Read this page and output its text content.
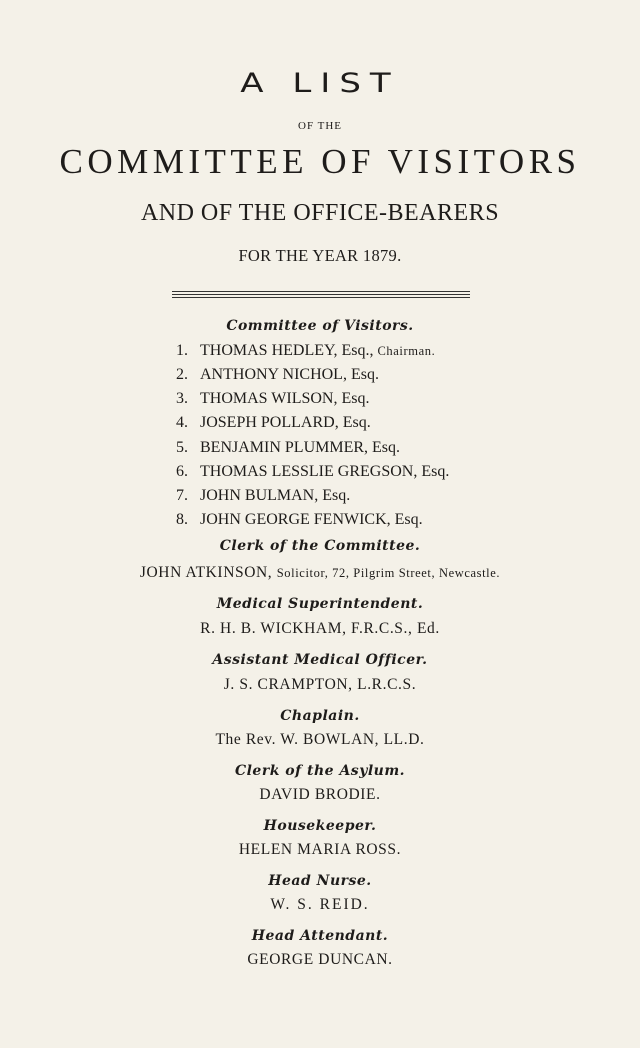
A LIST
OF THE
COMMITTEE OF VISITORS
AND OF THE OFFICE-BEARERS
FOR THE YEAR 1879.
Committee of Visitors.
1. THOMAS HEDLEY, Esq., Chairman.
2. ANTHONY NICHOL, Esq.
3. THOMAS WILSON, Esq.
4. JOSEPH POLLARD, Esq.
5. BENJAMIN PLUMMER, Esq.
6. THOMAS LESSLIE GREGSON, Esq.
7. JOHN BULMAN, Esq.
8. JOHN GEORGE FENWICK, Esq.
Clerk of the Committee.
JOHN ATKINSON, Solicitor, 72, Pilgrim Street, Newcastle.
Medical Superintendent.
R. H. B. WICKHAM, F.R.C.S., Ed.
Assistant Medical Officer.
J. S. CRAMPTON, L.R.C.S.
Chaplain.
The Rev. W. BOWLAN, LL.D.
Clerk of the Asylum.
DAVID BRODIE.
Housekeeper.
HELEN MARIA ROSS.
Head Nurse.
W. S. REID.
Head Attendant.
GEORGE DUNCAN.
